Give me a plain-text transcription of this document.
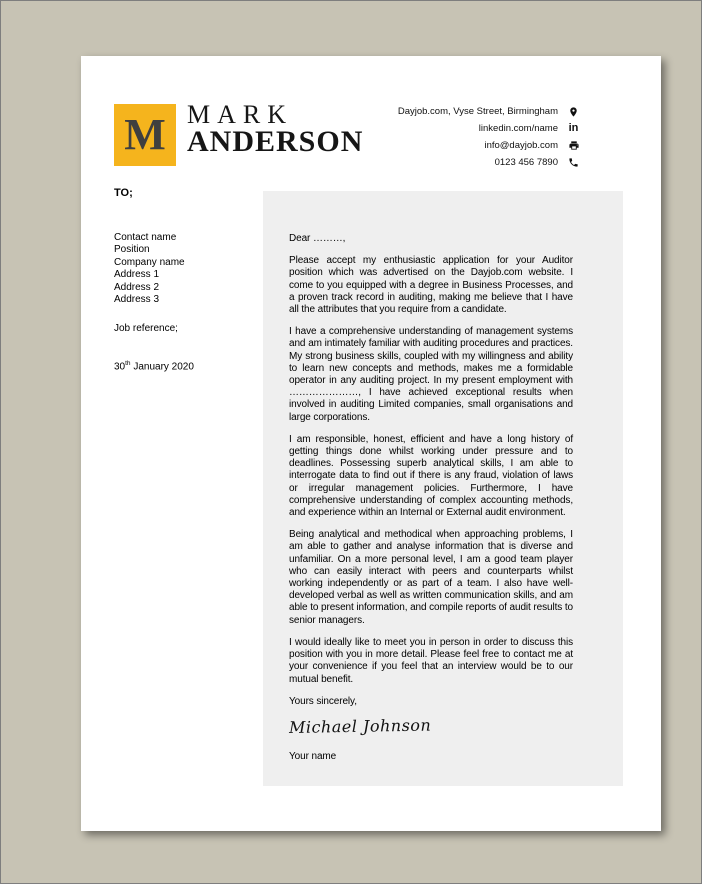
M MARK
ANDERSON
Dayjob.com, Vyse Street, Birmingham
linkedin.com/name in
info@dayjob.com
0123 456 7890
TO;
Contact name
Position
Company name
Address 1
Address 2
Address 3
Job reference;
30th January 2020

Dear ………,

Please accept my enthusiastic application for your Auditor position which was advertised on the Dayjob.com website. I come to you equipped with a degree in Business Processes, and a proven track record in auditing, making me believe that I have all the attributes that you require from a candidate.

I have a comprehensive understanding of management systems and am intimately familiar with auditing procedures and practices. My strong business skills, coupled with my willingness and ability to learn new concepts and methods, makes me a formidable operator in any auditing project. In my present employment with …………………, I have achieved exceptional results when involved in auditing Limited companies, small organisations and large corporations.

I am responsible, honest, efficient and have a long history of getting things done whilst working under pressure and to deadlines. Possessing superb analytical skills, I am able to interrogate data to find out if there is any fraud, violation of laws or irregular management policies. Furthermore, I have comprehensive understanding of complex accounting methods, and experience within an Internal or External audit environment.

Being analytical and methodical when approaching problems, I am able to gather and analyse information that is diverse and unfamiliar. On a more personal level, I am a good team player who can easily interact with peers and counterparts whilst working independently or as part of a team. I also have well-developed verbal as well as written communication skills, and am able to present information, and compile reports of audit results to senior managers.

I would ideally like to meet you in person in order to discuss this position with you in more detail. Please feel free to contact me at your convenience if you feel that an interview would be to our mutual benefit.

Yours sincerely,

Michael Johnson

Your name
